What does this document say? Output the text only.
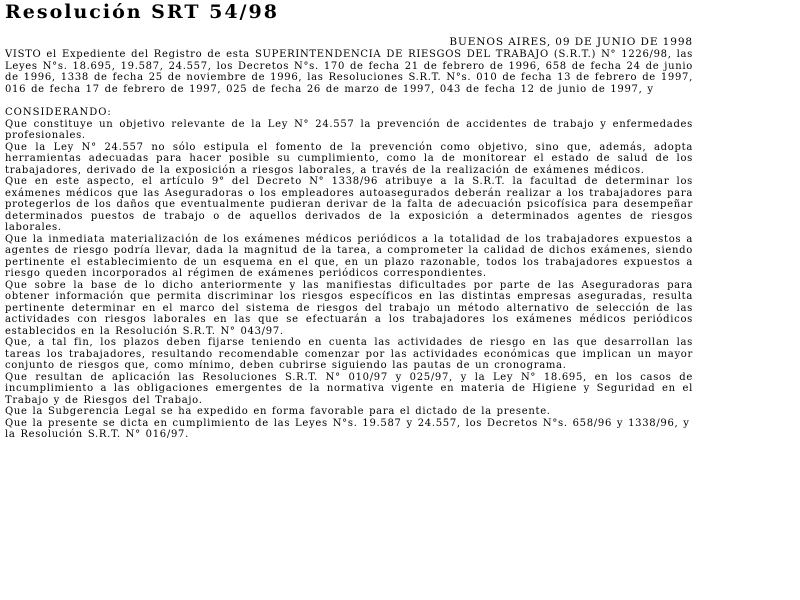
Resolución SRT 54/98
BUENOS AIRES, 09 DE JUNIO DE 1998

VISTO el Expediente del Registro de esta SUPERINTENDENCIA DE RIESGOS DEL TRABAJO (S.R.T.) N° 1226/98, las Leyes N°s. 18.695, 19.587, 24.557, los Decretos N°s. 170 de fecha 21 de febrero de 1996, 658 de fecha 24 de junio de 1996, 1338 de fecha 25 de noviembre de 1996, las Resoluciones S.R.T. N°s. 010 de fecha 13 de febrero de 1997, 016 de fecha 17 de febrero de 1997, 025 de fecha 26 de marzo de 1997, 043 de fecha 12 de junio de 1997, y

CONSIDERANDO:

Que constituye un objetivo relevante de la Ley N° 24.557 la prevención de accidentes de trabajo y enfermedades profesionales.

Que la Ley N° 24.557 no sólo estipula el fomento de la prevención como objetivo, sino que, además, adopta herramientas adecuadas para hacer posible su cumplimiento, como la de monitorear el estado de salud de los trabajadores, derivado de la exposición a riesgos laborales, a través de la realización de exámenes médicos.

Que en este aspecto, el artículo 9° del Decreto N° 1338/96 atribuye a la S.R.T. la facultad de determinar los exámenes médicos que las Aseguradoras o los empleadores autoasegurados deberán realizar a los trabajadores para protegerlos de los daños que eventualmente pudieran derivar de la falta de adecuación psicofísica para desempeñar determinados puestos de trabajo o de aquellos derivados de la exposición a determinados agentes de riesgos laborales.

Que la inmediata materialización de los exámenes médicos periódicos a la totalidad de los trabajadores expuestos a agentes de riesgo podría llevar, dada la magnitud de la tarea, a comprometer la calidad de dichos exámenes, siendo pertinente el establecimiento de un esquema en el que, en un plazo razonable, todos los trabajadores expuestos a riesgo queden incorporados al régimen de exámenes periódicos correspondientes.

Que sobre la base de lo dicho anteriormente y las manifiestas dificultades por parte de las Aseguradoras para obtener información que permita discriminar los riesgos específicos en las distintas empresas aseguradas, resulta pertinente determinar en el marco del sistema de riesgos del trabajo un método alternativo de selección de las actividades con riesgos laborales en las que se efectuarán a los trabajadores los exámenes médicos periódicos establecidos en la Resolución S.R.T. N° 043/97.

Que, a tal fin, los plazos deben fijarse teniendo en cuenta las actividades de riesgo en las que desarrollan las tareas los trabajadores, resultando recomendable comenzar por las actividades económicas que implican un mayor conjunto de riesgos que, como mínimo, deben cubrirse siguiendo las pautas de un cronograma.

Que resultan de aplicación las Resoluciones S.R.T. N° 010/97 y 025/97, y la Ley N° 18.695, en los casos de incumplimiento a las obligaciones emergentes de la normativa vigente en materia de Higiene y Seguridad en el Trabajo y de Riesgos del Trabajo.

Que la Subgerencia Legal se ha expedido en forma favorable para el dictado de la presente.

Que la presente se dicta en cumplimiento de las Leyes N°s. 19.587 y 24.557, los Decretos N°s. 658/96 y 1338/96, y la Resolución S.R.T. N° 016/97.
